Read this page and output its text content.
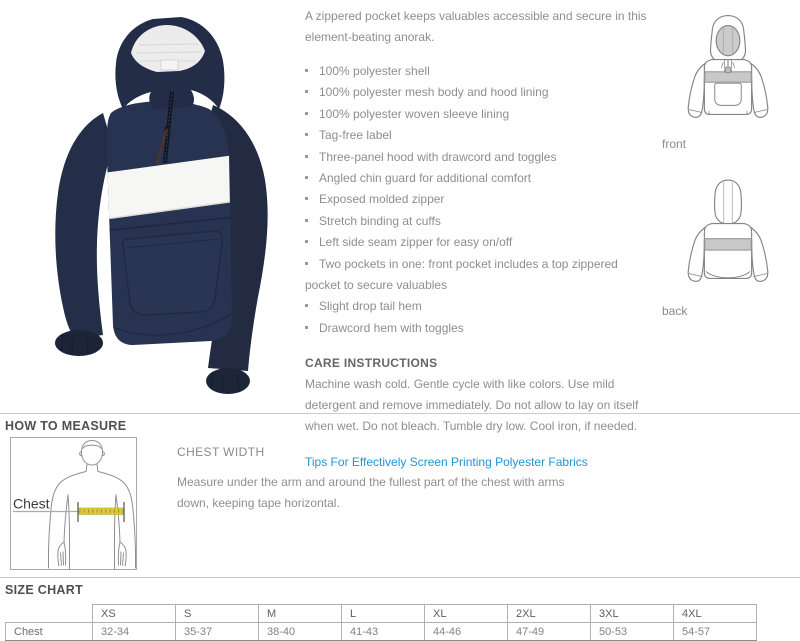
A zippered pocket keeps valuables accessible and secure in this element-beating anorak.

100% polyester shell
100% polyester mesh body and hood lining
100% polyester woven sleeve lining
Tag-free label
Three-panel hood with drawcord and toggles
Angled chin guard for additional comfort
Exposed molded zipper
Stretch binding at cuffs
Left side seam zipper for easy on/off
Two pockets in one: front pocket includes a top zippered pocket to secure valuables
Slight drop tail hem
Drawcord hem with toggles

CARE INSTRUCTIONS

Machine wash cold. Gentle cycle with like colors. Use mild detergent and remove immediately. Do not allow to lay on itself when wet. Do not bleach. Tumble dry low. Cool iron, if needed.

Tips For Effectively Screen Printing Polyester Fabrics
front
back
HOW TO MEASURE
Chest

CHEST WIDTH

Measure under the arm and around the fullest part of the chest with arms down, keeping tape horizontal.

SIZE CHART
	XS	S	M	L	XL	2XL	3XL	4XL
Chest	32-34	35-37	38-40	41-43	44-46	47-49	50-53	54-57
